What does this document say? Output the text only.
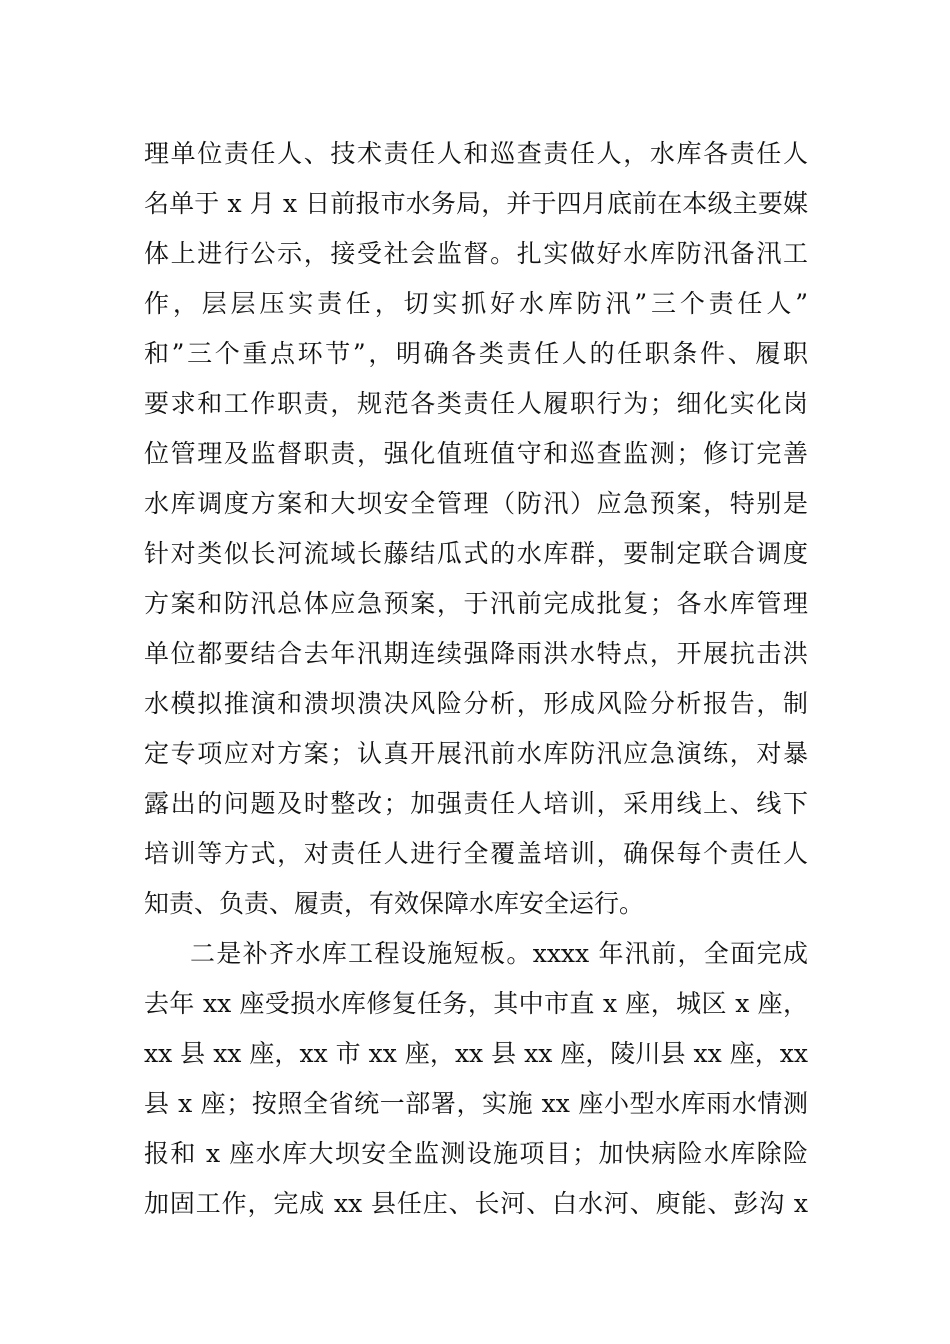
理单位责任人、技术责任人和巡查责任人，水库各责任人
名单于 x 月 x 日前报市水务局，并于四月底前在本级主要媒
体上进行公示，接受社会监督。扎实做好水库防汛备汛工
作，层层压实责任，切实抓好水库防汛”三个责任人”
和”三个重点环节”，明确各类责任人的任职条件、履职
要求和工作职责，规范各类责任人履职行为；细化实化岗
位管理及监督职责，强化值班值守和巡查监测；修订完善
水库调度方案和大坝安全管理（防汛）应急预案，特别是
针对类似长河流域长藤结瓜式的水库群，要制定联合调度
方案和防汛总体应急预案，于汛前完成批复；各水库管理
单位都要结合去年汛期连续强降雨洪水特点，开展抗击洪
水模拟推演和溃坝溃决风险分析，形成风险分析报告，制
定专项应对方案；认真开展汛前水库防汛应急演练，对暴
露出的问题及时整改；加强责任人培训，采用线上、线下
培训等方式，对责任人进行全覆盖培训，确保每个责任人
知责、负责、履责，有效保障水库安全运行。
二是补齐水库工程设施短板。xxxx 年汛前，全面完成
去年 xx 座受损水库修复任务，其中市直 x 座，城区 x 座，
xx 县 xx 座，xx 市 xx 座，xx 县 xx 座，陵川县 xx 座，xx
县 x 座；按照全省统一部署，实施 xx 座小型水库雨水情测
报和 x 座水库大坝安全监测设施项目；加快病险水库除险
加固工作，完成 xx 县任庄、长河、白水河、庾能、彭沟 x
